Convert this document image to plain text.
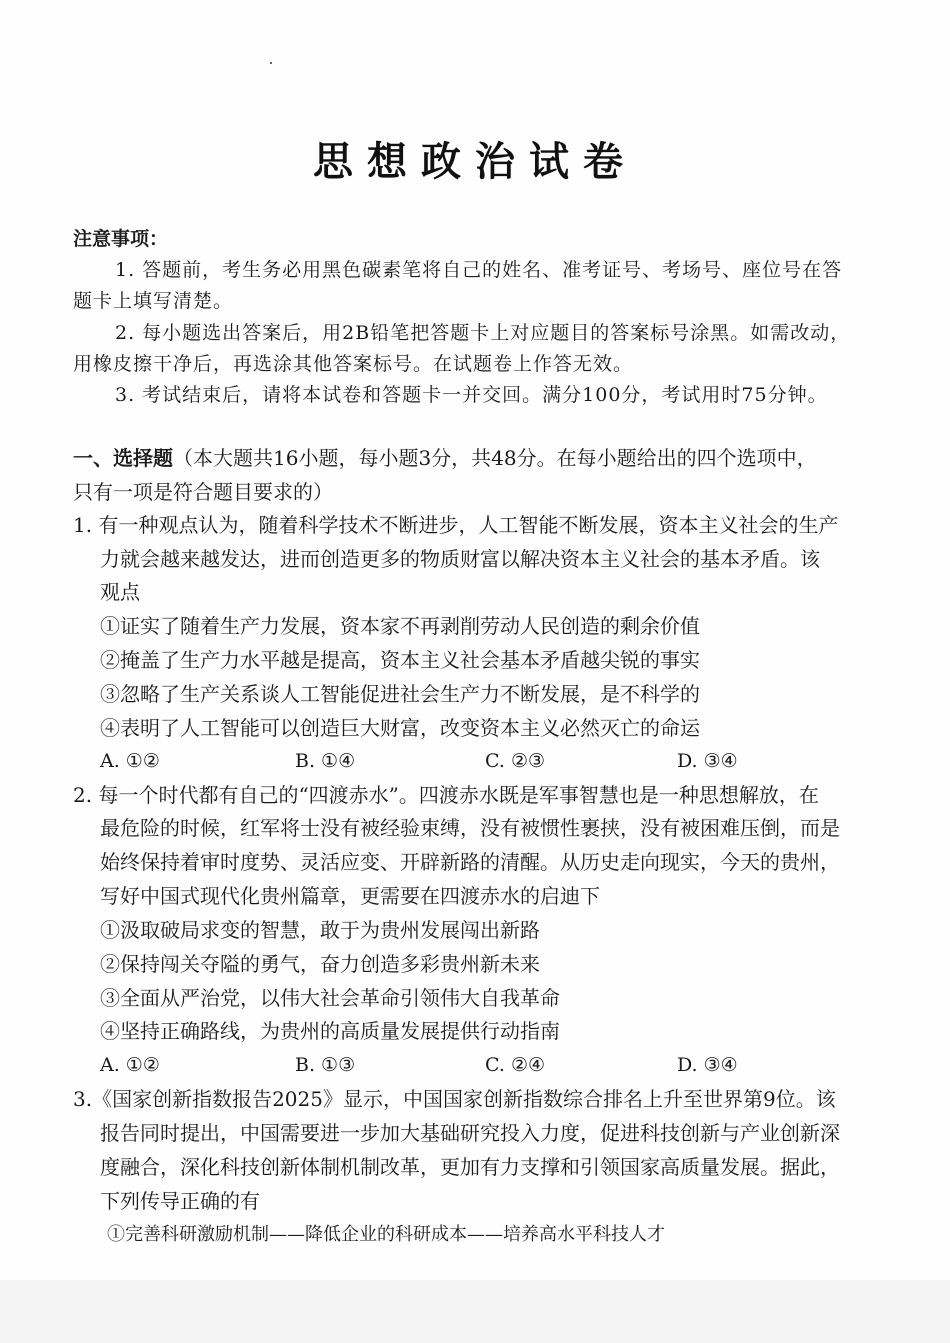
思想政治试卷
注意事项：
1. 答题前，考生务必用黑色碳素笔将自己的姓名、准考证号、考场号、座位号在答
题卡上填写清楚。
2. 每小题选出答案后，用2B铅笔把答题卡上对应题目的答案标号涂黑。如需改动，
用橡皮擦干净后，再选涂其他答案标号。在试题卷上作答无效。
3. 考试结束后，请将本试卷和答题卡一并交回。满分100分，考试用时75分钟。
一、选择题（本大题共16小题，每小题3分，共48分。在每小题给出的四个选项中，
只有一项是符合题目要求的）
1. 有一种观点认为，随着科学技术不断进步，人工智能不断发展，资本主义社会的生产
力就会越来越发达，进而创造更多的物质财富以解决资本主义社会的基本矛盾。该
观点
①证实了随着生产力发展，资本家不再剥削劳动人民创造的剩余价值
②掩盖了生产力水平越是提高，资本主义社会基本矛盾越尖锐的事实
③忽略了生产关系谈人工智能促进社会生产力不断发展，是不科学的
④表明了人工智能可以创造巨大财富，改变资本主义必然灭亡的命运
A. ①②	B. ①④	C. ②③	D. ③④
2. 每一个时代都有自己的“四渡赤水”。四渡赤水既是军事智慧也是一种思想解放，在
最危险的时候，红军将士没有被经验束缚，没有被惯性裹挟，没有被困难压倒，而是
始终保持着审时度势、灵活应变、开辟新路的清醒。从历史走向现实，今天的贵州，
写好中国式现代化贵州篇章，更需要在四渡赤水的启迪下
①汲取破局求变的智慧，敢于为贵州发展闯出新路
②保持闯关夺隘的勇气，奋力创造多彩贵州新未来
③全面从严治党，以伟大社会革命引领伟大自我革命
④坚持正确路线，为贵州的高质量发展提供行动指南
A. ①②	B. ①③	C. ②④	D. ③④
3.《国家创新指数报告2025》显示，中国国家创新指数综合排名上升至世界第9位。该
报告同时提出，中国需要进一步加大基础研究投入力度，促进科技创新与产业创新深
度融合，深化科技创新体制机制改革，更加有力支撑和引领国家高质量发展。据此，
下列传导正确的有
①完善科研激励机制——降低企业的科研成本——培养高水平科技人才
